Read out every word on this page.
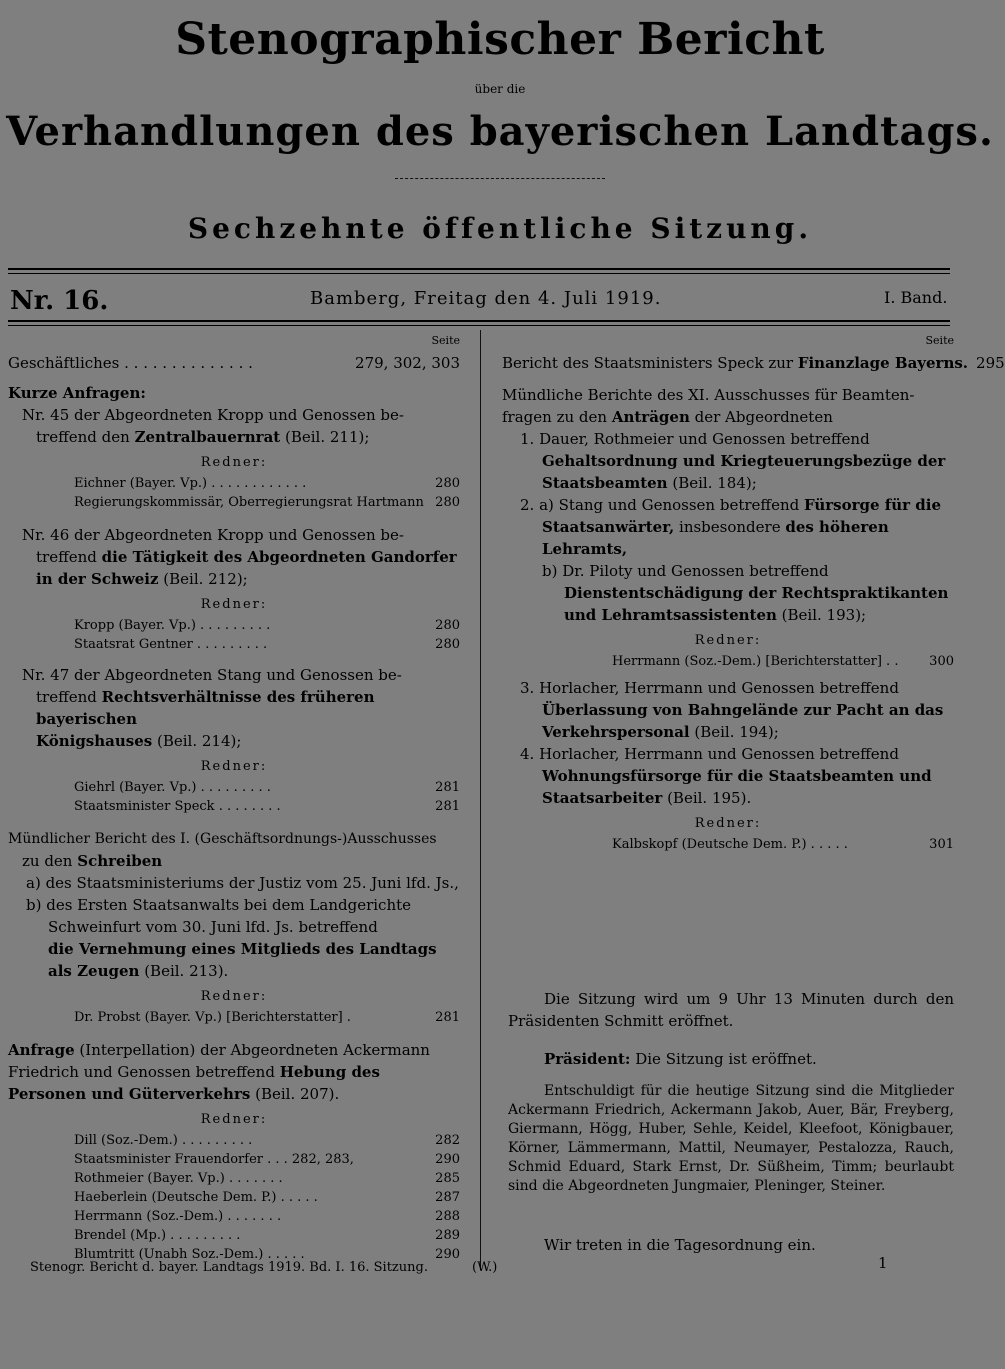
Stenographischer Bericht
über die
Verhandlungen des bayerischen Landtags.
Sechzehnte öffentliche Sitzung.
Nr. 16.	Bamberg, Freitag den 4. Juli 1919.	I. Band.
Seite
Geschäftliches . . . . . . . . . . . . . .	279, 302, 303

Kurze Anfragen:

Nr. 45 der Abgeordneten Kropp und Genossen be-

treffend den Zentralbauernrat (Beil. 211);

Redner:
Eichner (Bayer. Vp.) . . . . . . . . . . . .	280
Regierungskommissär, Oberregierungsrat Hartmann 280

Nr. 46 der Abgeordneten Kropp und Genossen be-

treffend die Tätigkeit des Abgeordneten Gandorfer

in der Schweiz (Beil. 212);

Redner:
Kropp (Bayer. Vp.) . . . . . . . . .	280
Staatsrat Gentner . . . . . . . . .	280

Nr. 47 der Abgeordneten Stang und Genossen be-

treffend Rechtsverhältnisse des früheren bayerischen

Königshauses (Beil. 214);

Redner:
Giehrl (Bayer. Vp.) . . . . . . . . .	281
Staatsminister Speck . . . . . . . .	281

Mündlicher Bericht des I. (Geschäftsordnungs-)Ausschusses

zu den Schreiben

a) des Staatsministeriums der Justiz vom 25. Juni lfd. Js.,

b) des Ersten Staatsanwalts bei dem Landgerichte Schweinfurt vom 30. Juni lfd. Js. betreffend

die Vernehmung eines Mitglieds des Landtags als Zeugen (Beil. 213).

Redner:
Dr. Probst (Bayer. Vp.) [Berichterstatter] .	281

Anfrage (Interpellation) der Abgeordneten Ackermann Friedrich und Genossen betreffend Hebung des Personen und Güterverkehrs (Beil. 207).

Redner:
Dill (Soz.-Dem.) . . . . . . . . .	282
Staatsminister Frauendorfer . . . 282, 283,	290
Rothmeier (Bayer. Vp.) . . . . . . .	285
Haeberlein (Deutsche Dem. P.) . . . . .	287
Herrmann (Soz.-Dem.) . . . . . . .	288
Brendel (Mp.) . . . . . . . . .	289
Blumtritt (Unabh Soz.-Dem.) . . . . .	290
Stenogr. Bericht d. bayer. Landtags 1919. Bd. I. 16. Sitzung.	(W.)
Seite
Bericht des Staatsministers Speck zur Finanzlage Bayerns. 295

Mündliche Berichte des XI. Ausschusses für Beamten-fragen zu den Anträgen der Abgeordneten

1. Dauer, Rothmeier und Genossen betreffend Gehaltsordnung und Kriegteuerungsbezüge der Staatsbeamten (Beil. 184);

2. a) Stang und Genossen betreffend Fürsorge für die Staatsanwärter, insbesondere des höheren Lehramts,

b) Dr. Piloty und Genossen betreffend Dienstentschädigung der Rechtspraktikanten und Lehramtsassistenten (Beil. 193);

Redner:
Herrmann (Soz.-Dem.) [Berichterstatter] . .	300

3. Horlacher, Herrmann und Genossen betreffend Überlassung von Bahngelände zur Pacht an das Verkehrspersonal (Beil. 194);

4. Horlacher, Herrmann und Genossen betreffend Wohnungsfürsorge für die Staatsbeamten und Staatsarbeiter (Beil. 195).

Redner:
Kalbskopf (Deutsche Dem. P.) . . . . .	301
Die Sitzung wird um 9 Uhr 13 Minuten durch den Präsidenten Schmitt eröffnet.
Präsident: Die Sitzung ist eröffnet.
Entschuldigt für die heutige Sitzung sind die Mitglieder Ackermann Friedrich, Ackermann Jakob, Auer, Bär, Freyberg, Giermann, Högg, Huber, Sehle, Keidel, Kleefoot, Königbauer, Körner, Lämmermann, Mattil, Neumayer, Pestalozza, Rauch, Schmid Eduard, Stark Ernst, Dr. Süßheim, Timm; beurlaubt sind die Abgeordneten Jungmaier, Pleninger, Steiner.
Wir treten in die Tagesordnung ein.
1
